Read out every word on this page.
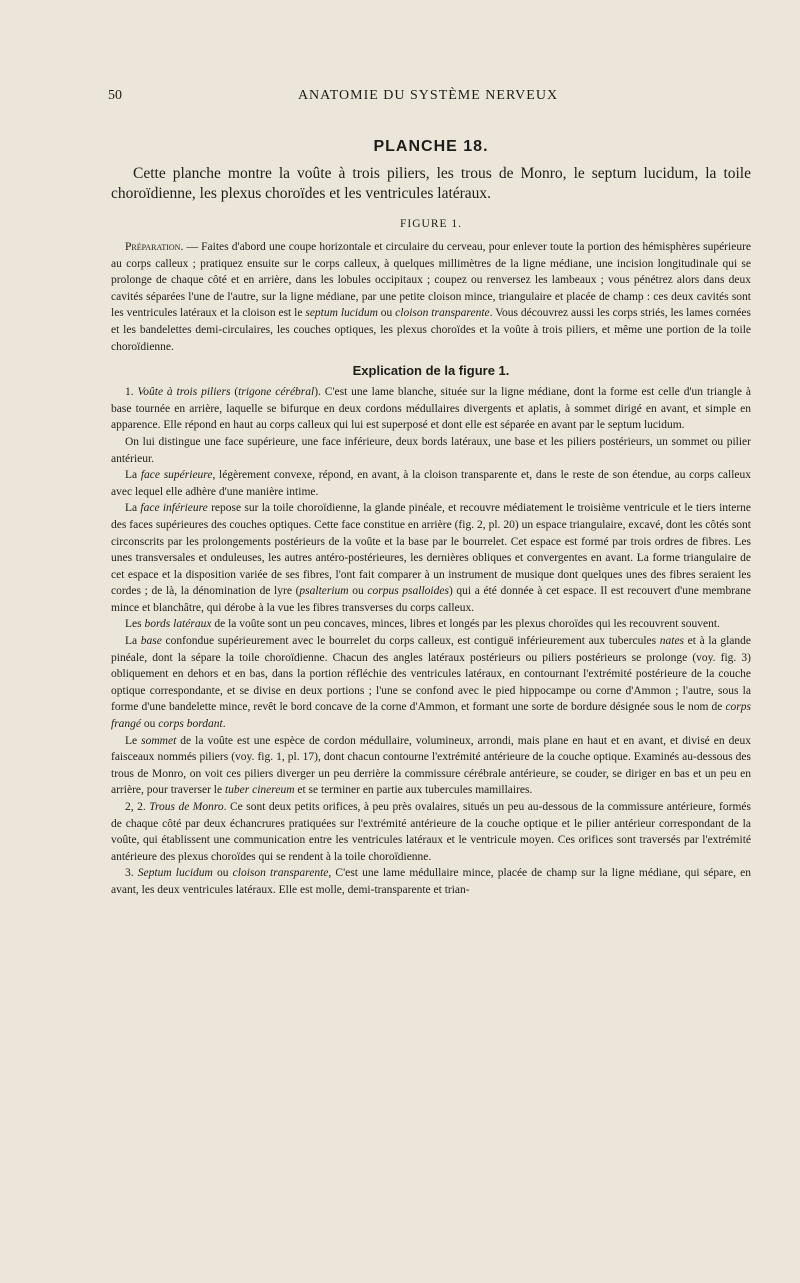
50	ANATOMIE DU SYSTÈME NERVEUX
PLANCHE 18.

Cette planche montre la voûte à trois piliers, les trous de Monro, le septum lucidum, la toile choroïdienne, les plexus choroïdes et les ventricules latéraux.

FIGURE 1.

Préparation. — Faites d'abord une coupe horizontale et circulaire du cerveau, pour enlever toute la portion des hémisphères supérieure au corps calleux ; pratiquez ensuite sur le corps calleux, à quelques millimètres de la ligne médiane, une incision longitudinale qui se prolonge de chaque côté et en arrière, dans les lobules occipitaux ; coupez ou renversez les lambeaux ; vous pénétrez alors dans deux cavités séparées l'une de l'autre, sur la ligne médiane, par une petite cloison mince, triangulaire et placée de champ : ces deux cavités sont les ventricules latéraux et la cloison est le septum lucidum ou cloison transparente. Vous découvrez aussi les corps striés, les lames cornées et les bandelettes demi-circulaires, les couches optiques, les plexus choroïdes et la voûte à trois piliers, et même une portion de la toile choroïdienne.

Explication de la figure 1.

1. Voûte à trois piliers (trigone cérébral). C'est une lame blanche, située sur la ligne médiane, dont la forme est celle d'un triangle à base tournée en arrière, laquelle se bifurque en deux cordons médullaires divergents et aplatis, à sommet dirigé en avant, et simple en apparence. Elle répond en haut au corps calleux qui lui est superposé et dont elle est séparée en avant par le septum lucidum.

On lui distingue une face supérieure, une face inférieure, deux bords latéraux, une base et les piliers postérieurs, un sommet ou pilier antérieur.

La face supérieure, légèrement convexe, répond, en avant, à la cloison transparente et, dans le reste de son étendue, au corps calleux avec lequel elle adhère d'une manière intime.

La face inférieure repose sur la toile choroïdienne, la glande pinéale, et recouvre médiatement le troisième ventricule et le tiers interne des faces supérieures des couches optiques. Cette face constitue en arrière (fig. 2, pl. 20) un espace triangulaire, excavé, dont les côtés sont circonscrits par les prolongements postérieurs de la voûte et la base par le bourrelet. Cet espace est formé par trois ordres de fibres. Les unes transversales et onduleuses, les autres antéro-postérieures, les dernières obliques et convergentes en avant. La forme triangulaire de cet espace et la disposition variée de ses fibres, l'ont fait comparer à un instrument de musique dont quelques unes des fibres seraient les cordes ; de là, la dénomination de lyre (psalterium ou corpus psalloides) qui a été donnée à cet espace. Il est recouvert d'une membrane mince et blanchâtre, qui dérobe à la vue les fibres transverses du corps calleux.

Les bords latéraux de la voûte sont un peu concaves, minces, libres et longés par les plexus choroïdes qui les recouvrent souvent.

La base confondue supérieurement avec le bourrelet du corps calleux, est contiguë inférieurement aux tubercules nates et à la glande pinéale, dont la sépare la toile choroïdienne. Chacun des angles latéraux postérieurs ou piliers postérieurs se prolonge (voy. fig. 3) obliquement en dehors et en bas, dans la portion réfléchie des ventricules latéraux, en contournant l'extrémité postérieure de la couche optique correspondante, et se divise en deux portions ; l'une se confond avec le pied hippocampe ou corne d'Ammon ; l'autre, sous la forme d'une bandelette mince, revêt le bord concave de la corne d'Ammon, et formant une sorte de bordure désignée sous le nom de corps frangé ou corps bordant.

Le sommet de la voûte est une espèce de cordon médullaire, volumineux, arrondi, mais plane en haut et en avant, et divisé en deux faisceaux nommés piliers (voy. fig. 1, pl. 17), dont chacun contourne l'extrémité antérieure de la couche optique. Examinés au-dessous des trous de Monro, on voit ces piliers diverger un peu derrière la commissure cérébrale antérieure, se couder, se diriger en bas et un peu en arrière, pour traverser le tuber cinereum et se terminer en partie aux tubercules mamillaires.

2, 2. Trous de Monro. Ce sont deux petits orifices, à peu près ovalaires, situés un peu au-dessous de la commissure antérieure, formés de chaque côté par deux échancrures pratiquées sur l'extrémité antérieure de la couche optique et le pilier antérieur correspondant de la voûte, qui établissent une communication entre les ventricules latéraux et le ventricule moyen. Ces orifices sont traversés par l'extrémité antérieure des plexus choroïdes qui se rendent à la toile choroïdienne.

3. Septum lucidum ou cloison transparente, C'est une lame médullaire mince, placée de champ sur la ligne médiane, qui sépare, en avant, les deux ventricules latéraux. Elle est molle, demi-transparente et trian-
